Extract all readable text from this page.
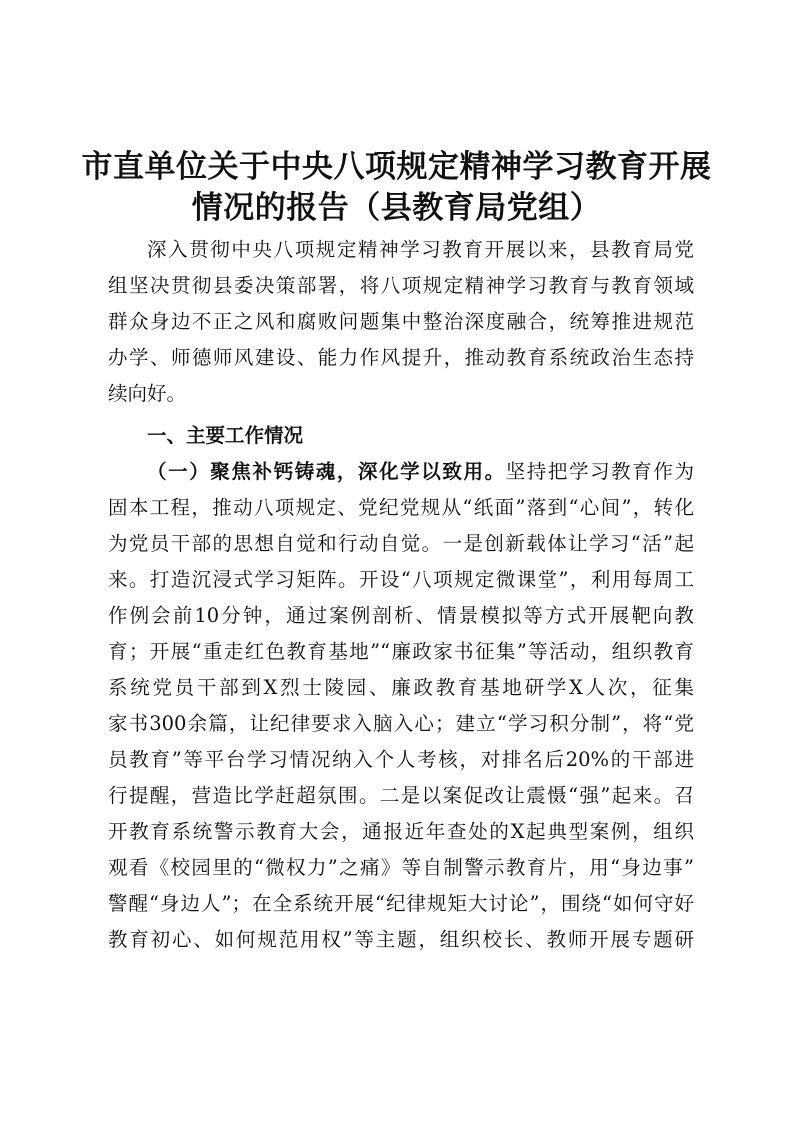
市直单位关于中央八项规定精神学习教育开展
情况的报告（县教育局党组）

深入贯彻中央八项规定精神学习教育开展以来，县教育局党

组坚决贯彻县委决策部署，将八项规定精神学习教育与教育领域

群众身边不正之风和腐败问题集中整治深度融合，统筹推进规范

办学、师德师风建设、能力作风提升，推动教育系统政治生态持

续向好。

一、主要工作情况

（一）聚焦补钙铸魂，深化学以致用。坚持把学习教育作为

固本工程，推动八项规定、党纪党规从“纸面”落到“心间”，转化

为党员干部的思想自觉和行动自觉。一是创新载体让学习“活”起

来。打造沉浸式学习矩阵。开设“八项规定微课堂”，利用每周工

作例会前10分钟，通过案例剖析、情景模拟等方式开展靶向教

育；开展“重走红色教育基地”“廉政家书征集”等活动，组织教育

系统党员干部到X烈士陵园、廉政教育基地研学X人次，征集

家书300余篇，让纪律要求入脑入心；建立“学习积分制”，将“党

员教育”等平台学习情况纳入个人考核，对排名后20%的干部进

行提醒，营造比学赶超氛围。二是以案促改让震慑“强”起来。召

开教育系统警示教育大会，通报近年查处的X起典型案例，组织

观看《校园里的“微权力”之痛》等自制警示教育片，用“身边事”

警醒“身边人”；在全系统开展“纪律规矩大讨论”，围绕“如何守好

教育初心、如何规范用权”等主题，组织校长、教师开展专题研
